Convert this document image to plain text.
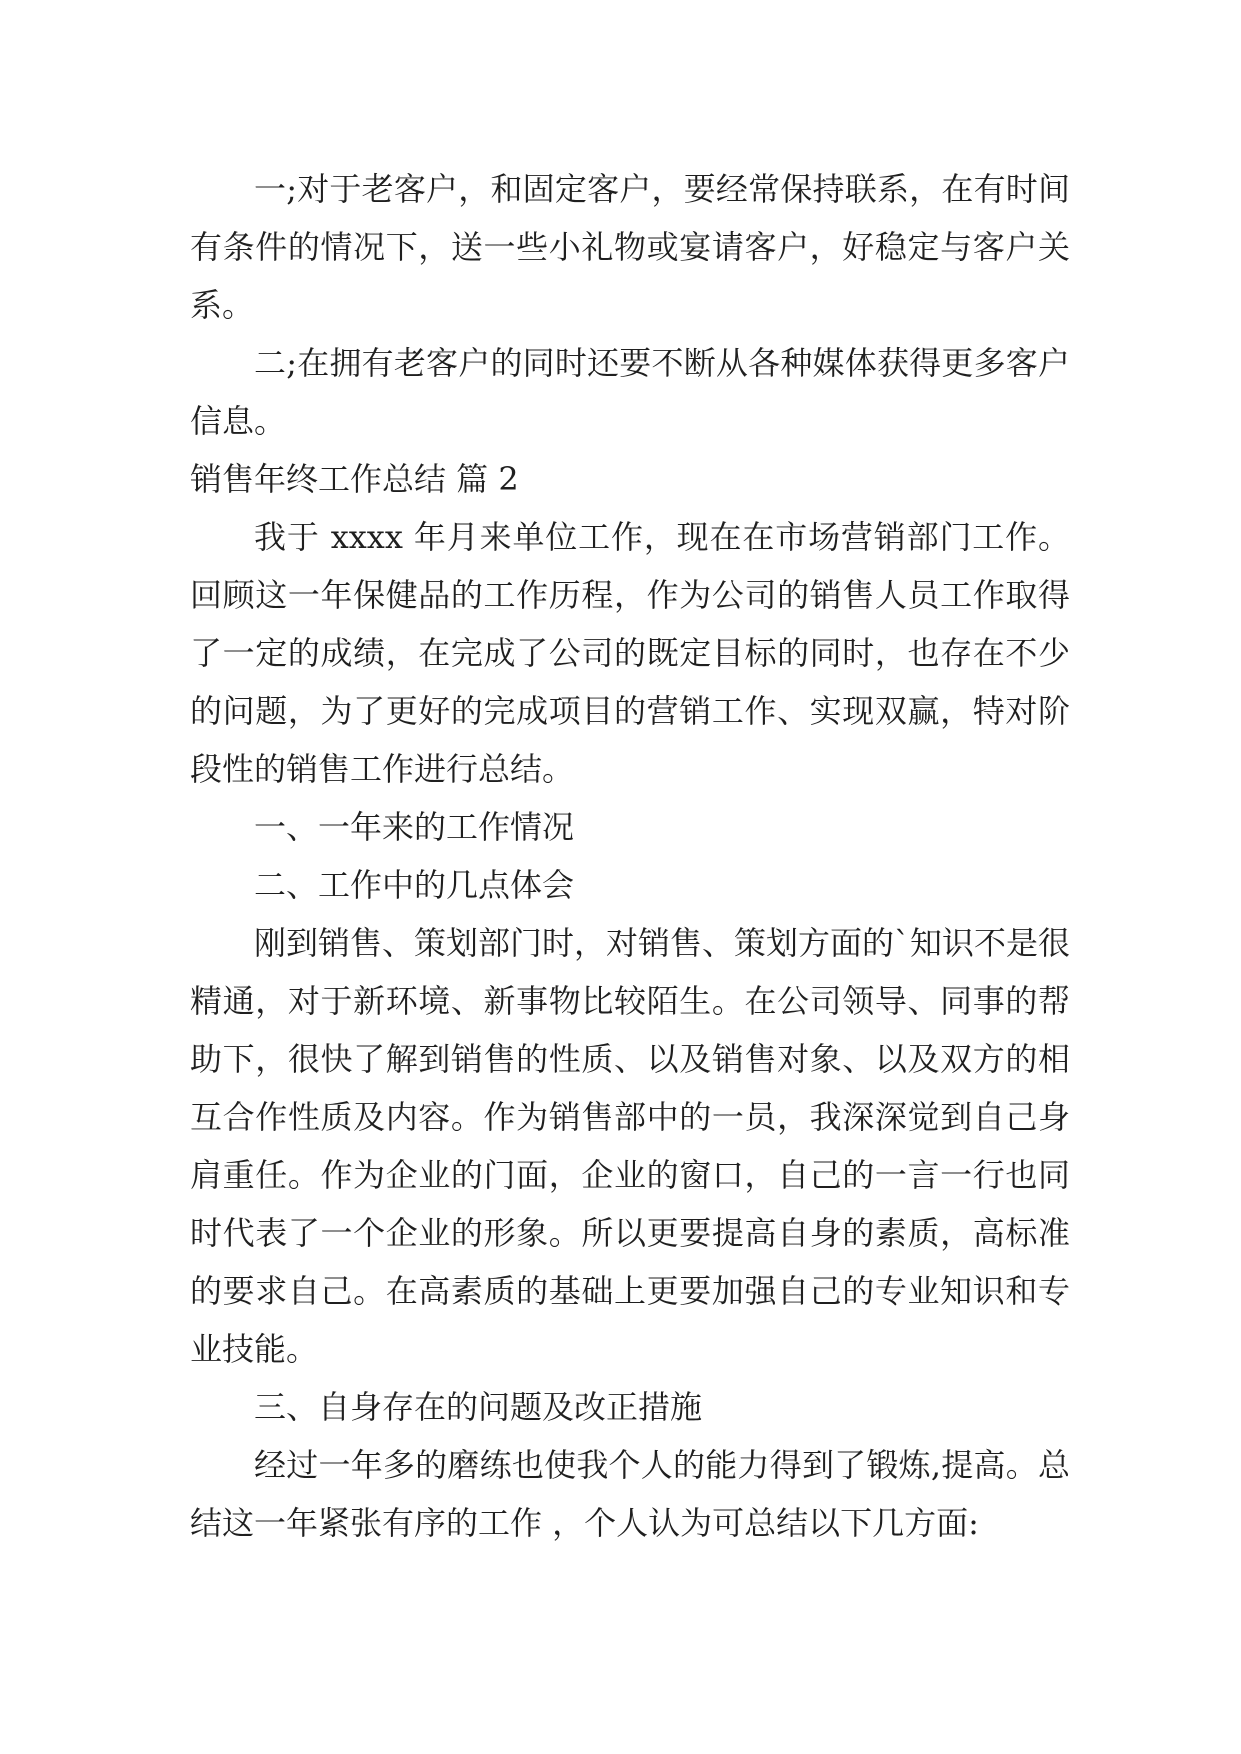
一;对于老客户，和固定客户，要经常保持联系，在有时间有条件的情况下，送一些小礼物或宴请客户，好稳定与客户关系。

二;在拥有老客户的同时还要不断从各种媒体获得更多客户信息。

销售年终工作总结 篇 2

我于 xxxx 年月来单位工作，现在在市场营销部门工作。回顾这一年保健品的工作历程，作为公司的销售人员工作取得了一定的成绩，在完成了公司的既定目标的同时，也存在不少的问题，为了更好的完成项目的营销工作、实现双赢，特对阶段性的销售工作进行总结。

一、一年来的工作情况

二、工作中的几点体会

刚到销售、策划部门时，对销售、策划方面的`知识不是很精通，对于新环境、新事物比较陌生。在公司领导、同事的帮助下，很快了解到销售的性质、以及销售对象、以及双方的相互合作性质及内容。作为销售部中的一员，我深深觉到自己身肩重任。作为企业的门面，企业的窗口，自己的一言一行也同时代表了一个企业的形象。所以更要提高自身的素质，高标准的要求自己。在高素质的基础上更要加强自己的专业知识和专业技能。

三、自身存在的问题及改正措施

经过一年多的磨练也使我个人的能力得到了锻炼,提高。总结这一年紧张有序的工作 ，个人认为可总结以下几方面:
